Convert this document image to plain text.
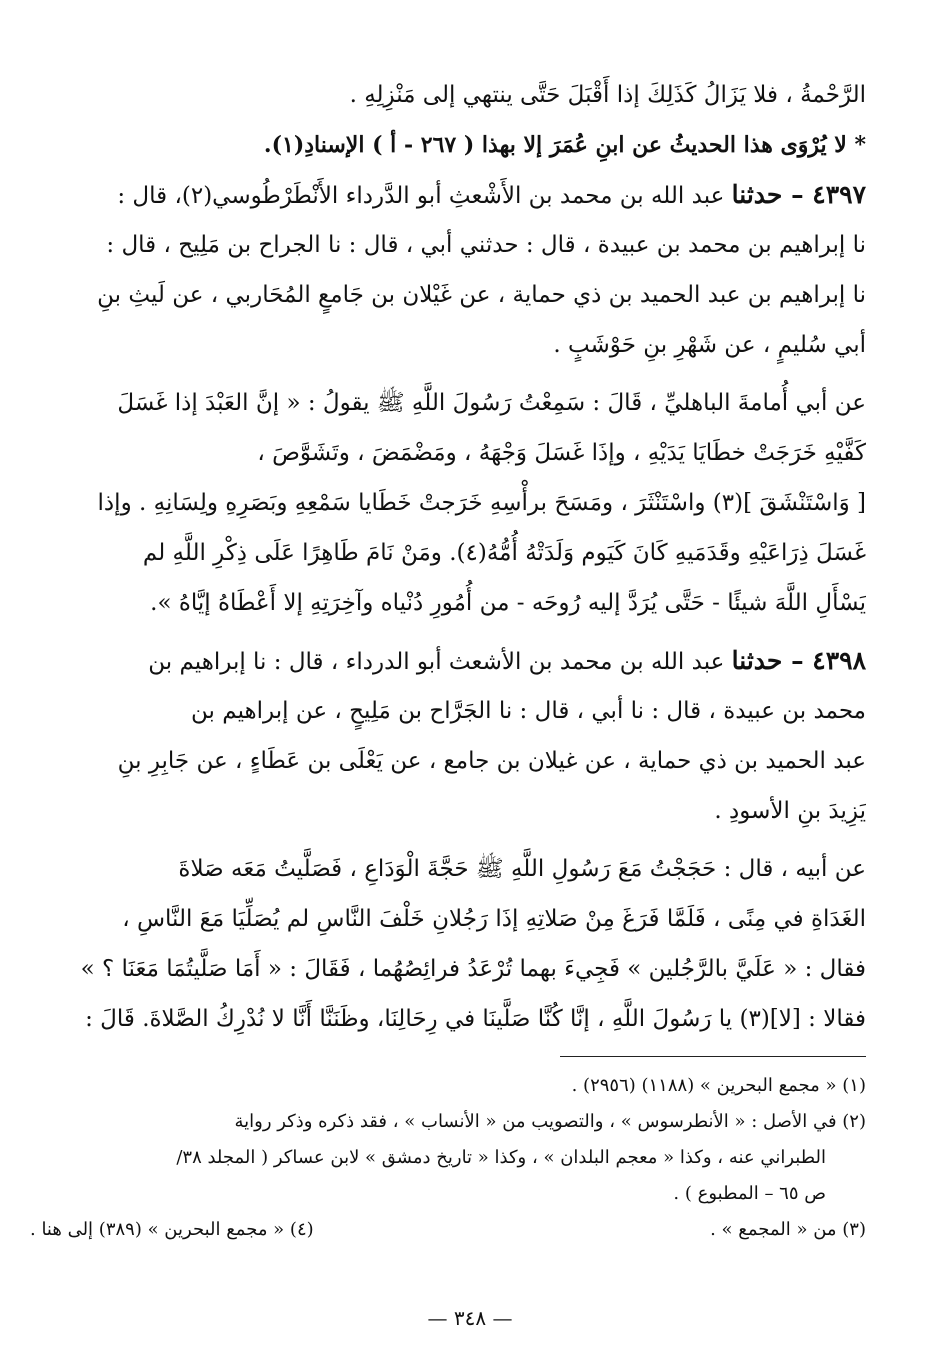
الرَّحْمةُ ، فلا يَزَالُ كَذَلِكَ إذا أَقْبَلَ حَتَّى ينتهي إلى مَنْزِلِهِ .
* لا يُرْوَى هذا الحديثُ عن ابنِ عُمَرَ إلا بهذا ( ٢٦٧ - أ ) الإسنادِ(١).
٤٣٩٧ – حدثنا عبد الله بن محمد بن الأَشْعثِ أبو الدَّرداء الأَنْطَرْطُوسي(٢)، قال :
نا إبراهيم بن محمد بن عبيدة ، قال : حدثني أبي ، قال : نا الجراح بن مَلِيح ، قال :
نا إبراهيم بن عبد الحميد بن ذي حماية ، عن غَيْلان بن جَامعٍ المُحَاربي ، عن لَيثِ بنِ
أبي سُليمٍ ، عن شَهْرِ بنِ حَوْشَبٍ .
عن أبي أُمامةَ الباهليِّ ، قَالَ : سَمِعْتُ رَسُولَ اللَّهِ ﷺ يقولُ : « إنَّ العَبْدَ إذا غَسَلَ
كَفَّيْهِ خَرَجَتْ خطَايَا يَدَيْهِ ، وإذَا غَسَلَ وَجْهَهُ ، ومَضْمَضَ ، وتَشَوَّصَ ،
[ وَاسْتَنْشَقَ ](٣) واسْتَنْثَرَ ، ومَسَحَ برأْسِهِ خَرَجتْ خَطَايا سَمْعِهِ وبَصَرِهِ ولِسَانِهِ . وإذا
غَسَلَ ذِرَاعَيْهِ وقَدَمَيهِ كَانَ كَيَوم وَلَدَتْهُ أُمُّهُ(٤). ومَنْ نَامَ طَاهِرًا عَلَى ذِكْرِ اللَّهِ لم
يَسْأَلِ اللَّهَ شيئًا - حَتَّى يُرَدَّ إليه رُوحَه - من أُمُورِ دُنْياه وآخِرَتِهِ إلا أَعْطَاهُ إيَّاهُ ».
٤٣٩٨ – حدثنا عبد الله بن محمد بن الأشعث أبو الدرداء ، قال : نا إبراهيم بن
محمد بن عبيدة ، قال : نا أبي ، قال : نا الجَرَّاح بن مَلِيحٍ ، عن إبراهيم بن
عبد الحميد بن ذي حماية ، عن غيلان بن جامع ، عن يَعْلَى بن عَطَاءٍ ، عن جَابِرِ بنِ
يَزِيدَ بنِ الأسودِ .
عن أبيه ، قال : حَجَجْتُ مَعَ رَسُولِ اللَّهِ ﷺ حَجَّةَ الْوَدَاعِ ، فَصَلَّيتُ مَعَه صَلاةَ
الغَدَاةِ في مِنًى ، فَلَمَّا فَرَغَ مِنْ صَلاتِهِ إذَا رَجُلانِ خَلْفَ النَّاسِ لم يُصَلِّيَا مَعَ النَّاسِ ،
فقال : « عَلَيَّ بالرَّجُلين » فَجِيءَ بهما تُرْعَدُ فرائِصُهُما ، فَقَالَ : « أَمَا صَلَّيتُمَا مَعَنَا ؟ »
فقالا : [لا](٣) يا رَسُولَ اللَّهِ ، إنَّا كُنَّا صَلَّينَا في رِحَالِنَا، وظَنَنَّا أَنَّا لا نُدْرِكُ الصَّلاةَ. قَالَ :
(١) « مجمع البحرين » (١١٨٨) (٢٩٥٦) .
(٢) في الأصل : « الأنطرسوس » ، والتصويب من « الأنساب » ، فقد ذكره وذكر رواية
الطبراني عنه ، وكذا « معجم البلدان » ، وكذا « تاريخ دمشق » لابن عساكر ( المجلد ٣٨/
ص ٦٥ – المطبوع ) .
(٣) من « المجمع » .
(٤) « مجمع البحرين » (٣٨٩) إلى هنا .
— ٣٤٨ —
